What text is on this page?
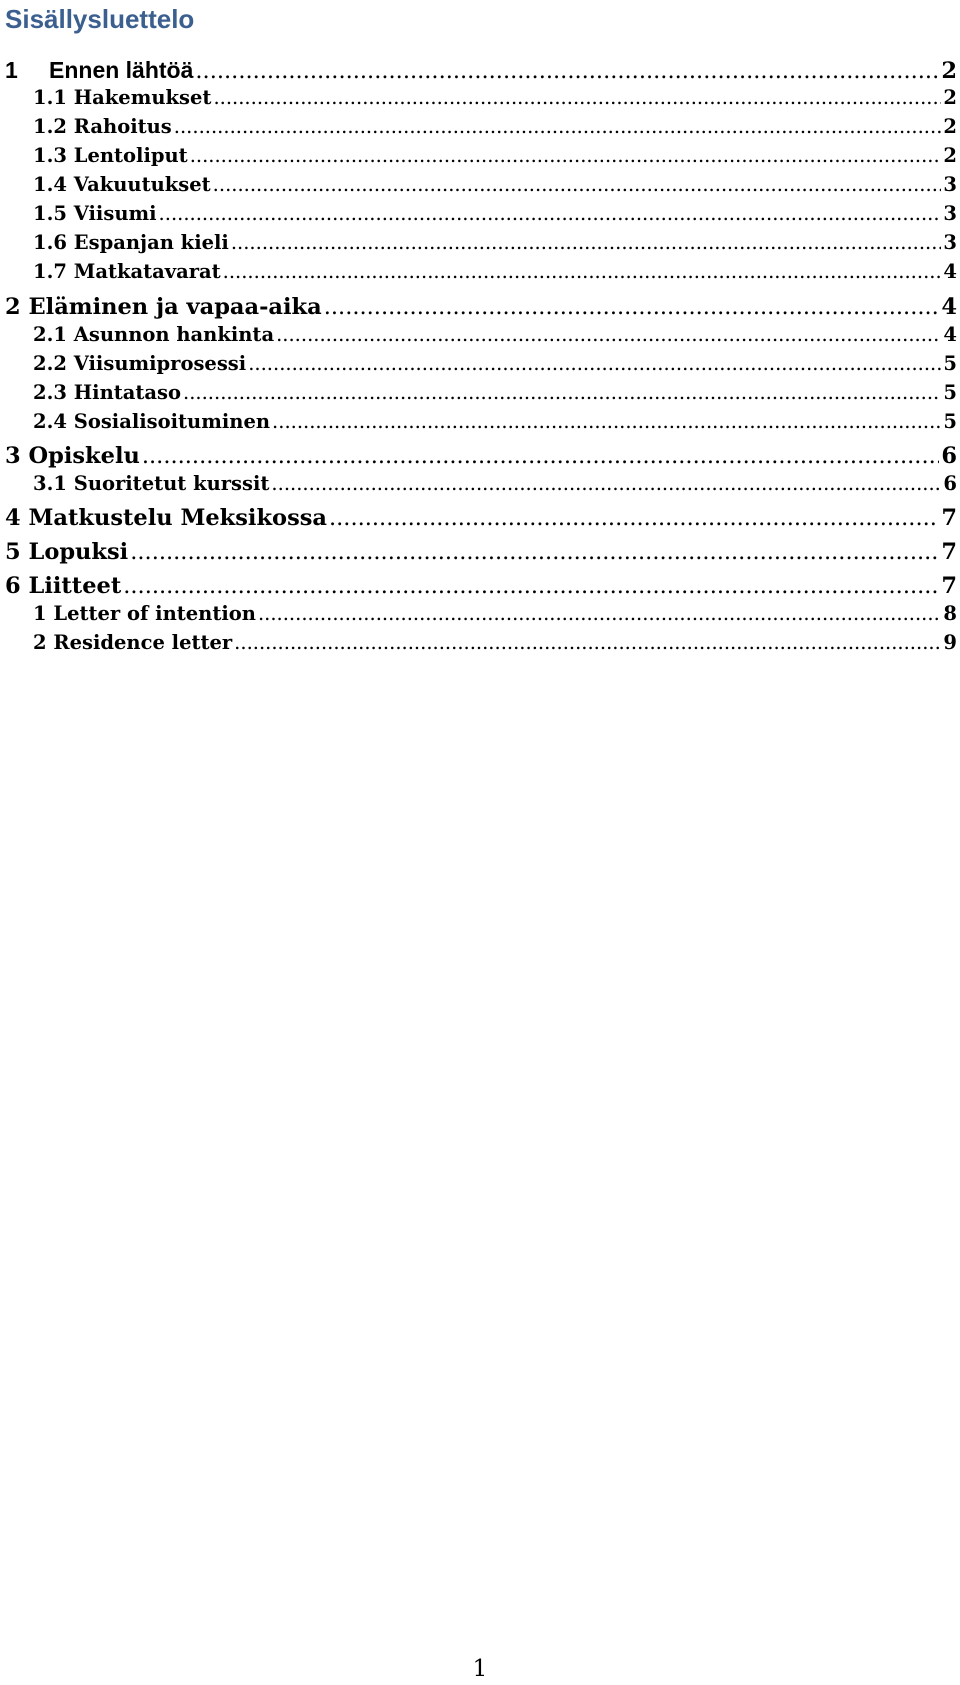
Sisällysluettelo
1 Ennen lähtöä .....	2
1.1 Hakemukset .....	2
1.2 Rahoitus .....	2
1.3 Lentoliput .....	2
1.4 Vakuutukset .....	3
1.5 Viisumi .....	3
1.6 Espanjan kieli .....	3
1.7 Matkatavarat .....	4
2 Eläminen ja vapaa-aika .....	4
2.1 Asunnon hankinta .....	4
2.2 Viisumiprosessi .....	5
2.3 Hintataso .....	5
2.4 Sosialisoituminen .....	5
3 Opiskelu .....	6
3.1 Suoritetut kurssit .....	6
4 Matkustelu Meksikossa .....	7
5 Lopuksi .....	7
6 Liitteet .....	7
1 Letter of intention .....	8
2 Residence letter .....	9
1
